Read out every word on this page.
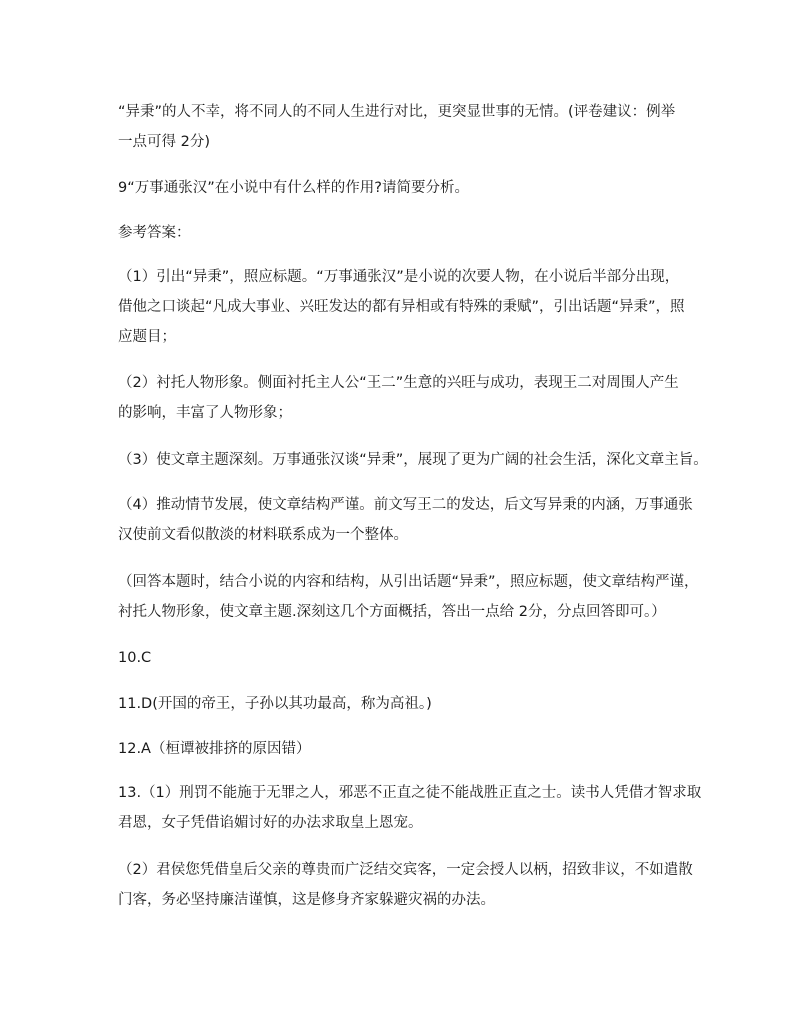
“异秉”的人不幸，将不同人的不同人生进行对比，更突显世事的无情。(评卷建议：例举
一点可得 2分)
9“万事通张汉”在小说中有什么样的作用?请简要分析。
参考答案：
（1）引出“异秉”，照应标题。“万事通张汉”是小说的次要人物，在小说后半部分出现，
借他之口谈起“凡成大事业、兴旺发达的都有异相或有特殊的秉赋”，引出话题“异秉”，照
应题目；
（2）衬托人物形象。侧面衬托主人公“王二”生意的兴旺与成功，表现王二对周围人产生
的影响，丰富了人物形象；
（3）使文章主题深刻。万事通张汉谈“异秉”，展现了更为广阔的社会生活，深化文章主旨。
（4）推动情节发展，使文章结构严谨。前文写王二的发达，后文写异秉的内涵，万事通张
汉使前文看似散淡的材料联系成为一个整体。
（回答本题时，结合小说的内容和结构，从引出话题“异秉”，照应标题，使文章结构严谨，
衬托人物形象，使文章主题.深刻这几个方面概括，答出一点给 2分，分点回答即可。）
10.C
11.D(开国的帝王，子孙以其功最高，称为高祖。)
12.A（桓谭被排挤的原因错）
13.（1）刑罚不能施于无罪之人，邪恶不正直之徒不能战胜正直之士。读书人凭借才智求取
君恩，女子凭借谄媚讨好的办法求取皇上恩宠。
（2）君侯您凭借皇后父亲的尊贵而广泛结交宾客，一定会授人以柄，招致非议，不如遣散
门客，务必坚持廉洁谨慎，这是修身齐家躲避灾祸的办法。
